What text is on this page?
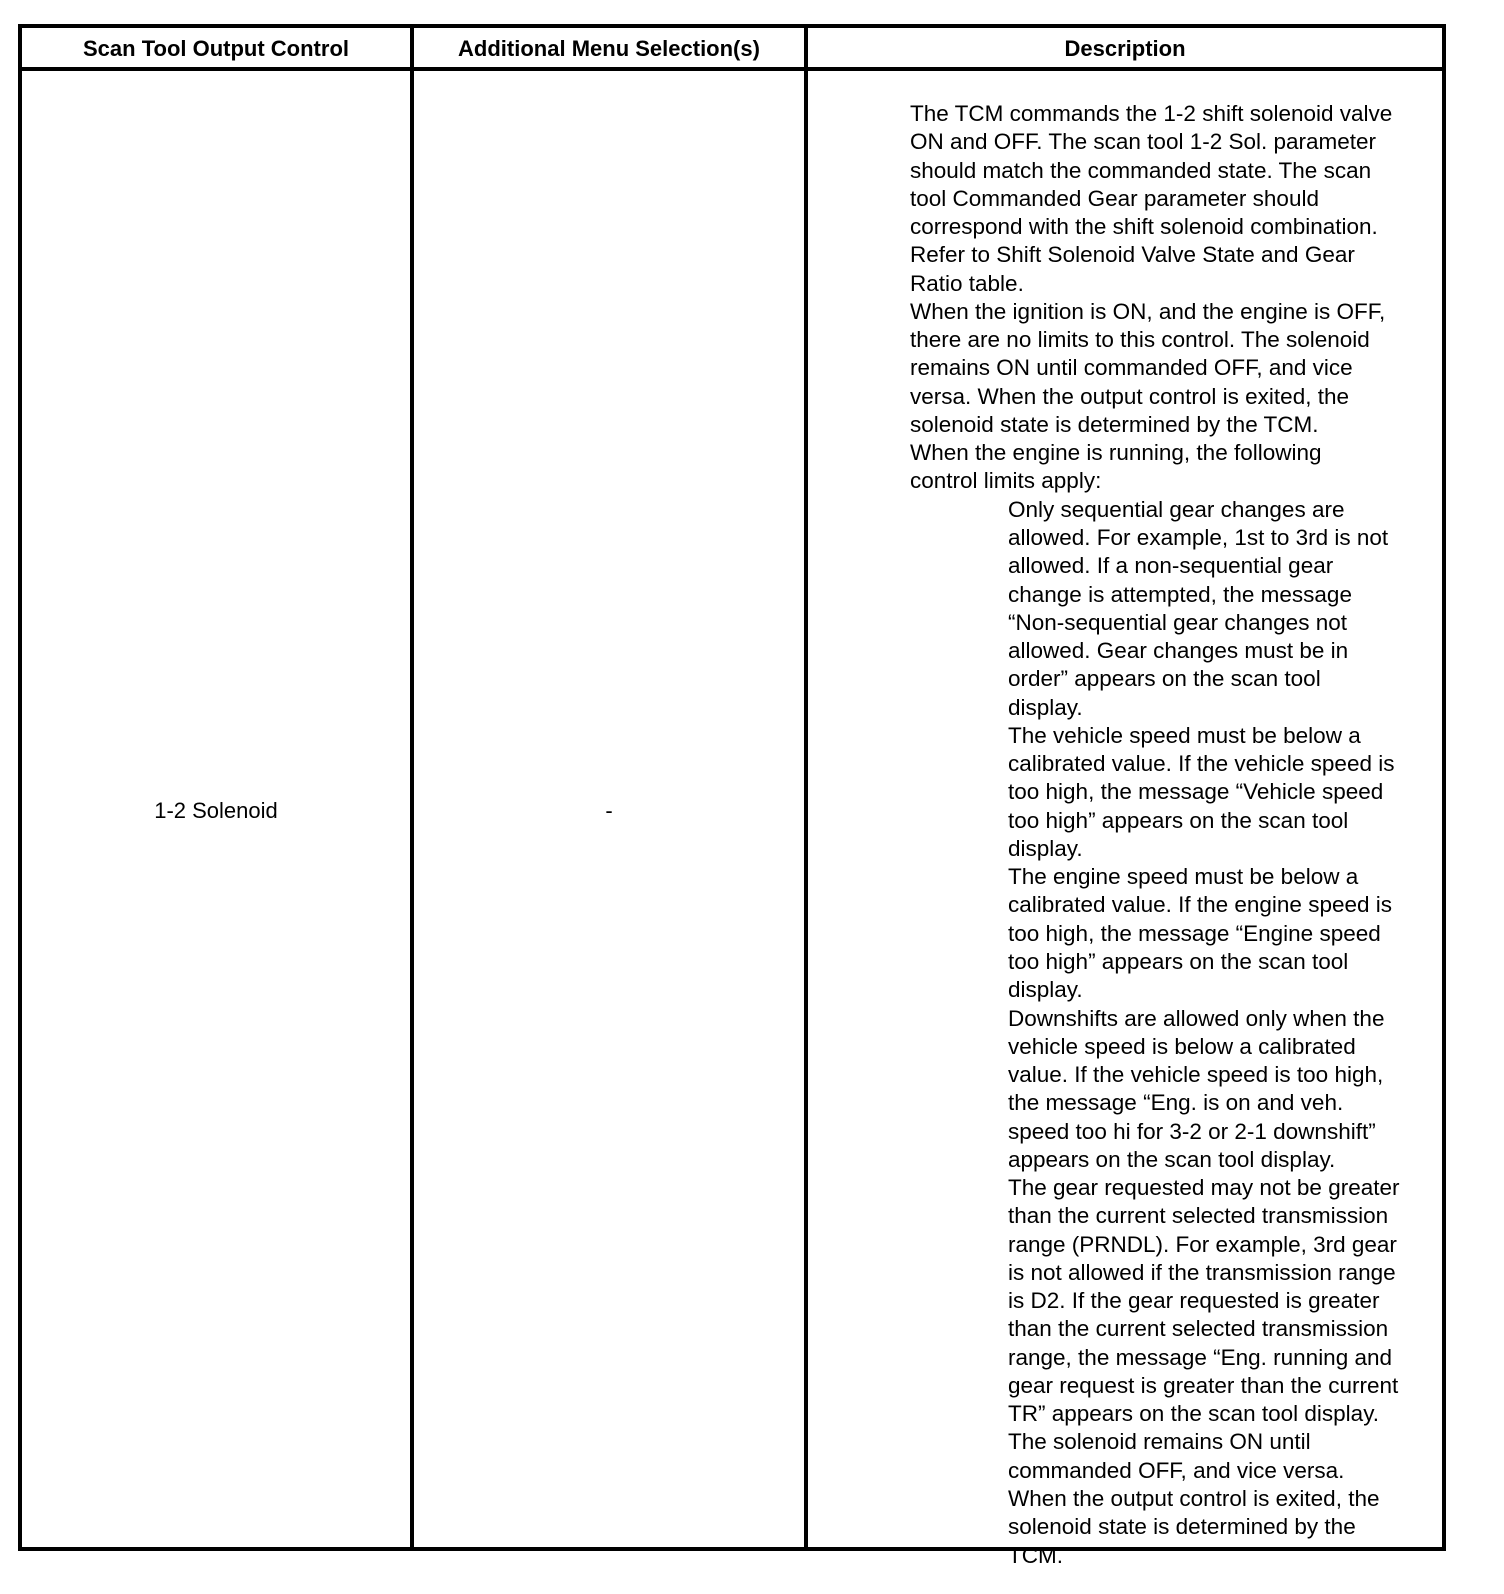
Scan Tool Output Control	Additional Menu Selection(s)	Description
1-2 Solenoid	-
The TCM commands the 1-2 shift solenoid valve
ON and OFF. The scan tool 1-2 Sol. parameter
should match the commanded state. The scan
tool Commanded Gear parameter should
correspond with the shift solenoid combination.
Refer to Shift Solenoid Valve State and Gear
Ratio table.
When the ignition is ON, and the engine is OFF,
there are no limits to this control. The solenoid
remains ON until commanded OFF, and vice
versa. When the output control is exited, the
solenoid state is determined by the TCM.
When the engine is running, the following
control limits apply:
Only sequential gear changes are
allowed. For example, 1st to 3rd is not
allowed. If a non-sequential gear
change is attempted, the message
“Non-sequential gear changes not
allowed. Gear changes must be in
order” appears on the scan tool
display.
The vehicle speed must be below a
calibrated value. If the vehicle speed is
too high, the message “Vehicle speed
too high” appears on the scan tool
display.
The engine speed must be below a
calibrated value. If the engine speed is
too high, the message “Engine speed
too high” appears on the scan tool
display.
Downshifts are allowed only when the
vehicle speed is below a calibrated
value. If the vehicle speed is too high,
the message “Eng. is on and veh.
speed too hi for 3-2 or 2-1 downshift”
appears on the scan tool display.
The gear requested may not be greater
than the current selected transmission
range (PRNDL). For example, 3rd gear
is not allowed if the transmission range
is D2. If the gear requested is greater
than the current selected transmission
range, the message “Eng. running and
gear request is greater than the current
TR” appears on the scan tool display.
The solenoid remains ON until
commanded OFF, and vice versa.
When the output control is exited, the
solenoid state is determined by the
TCM.
